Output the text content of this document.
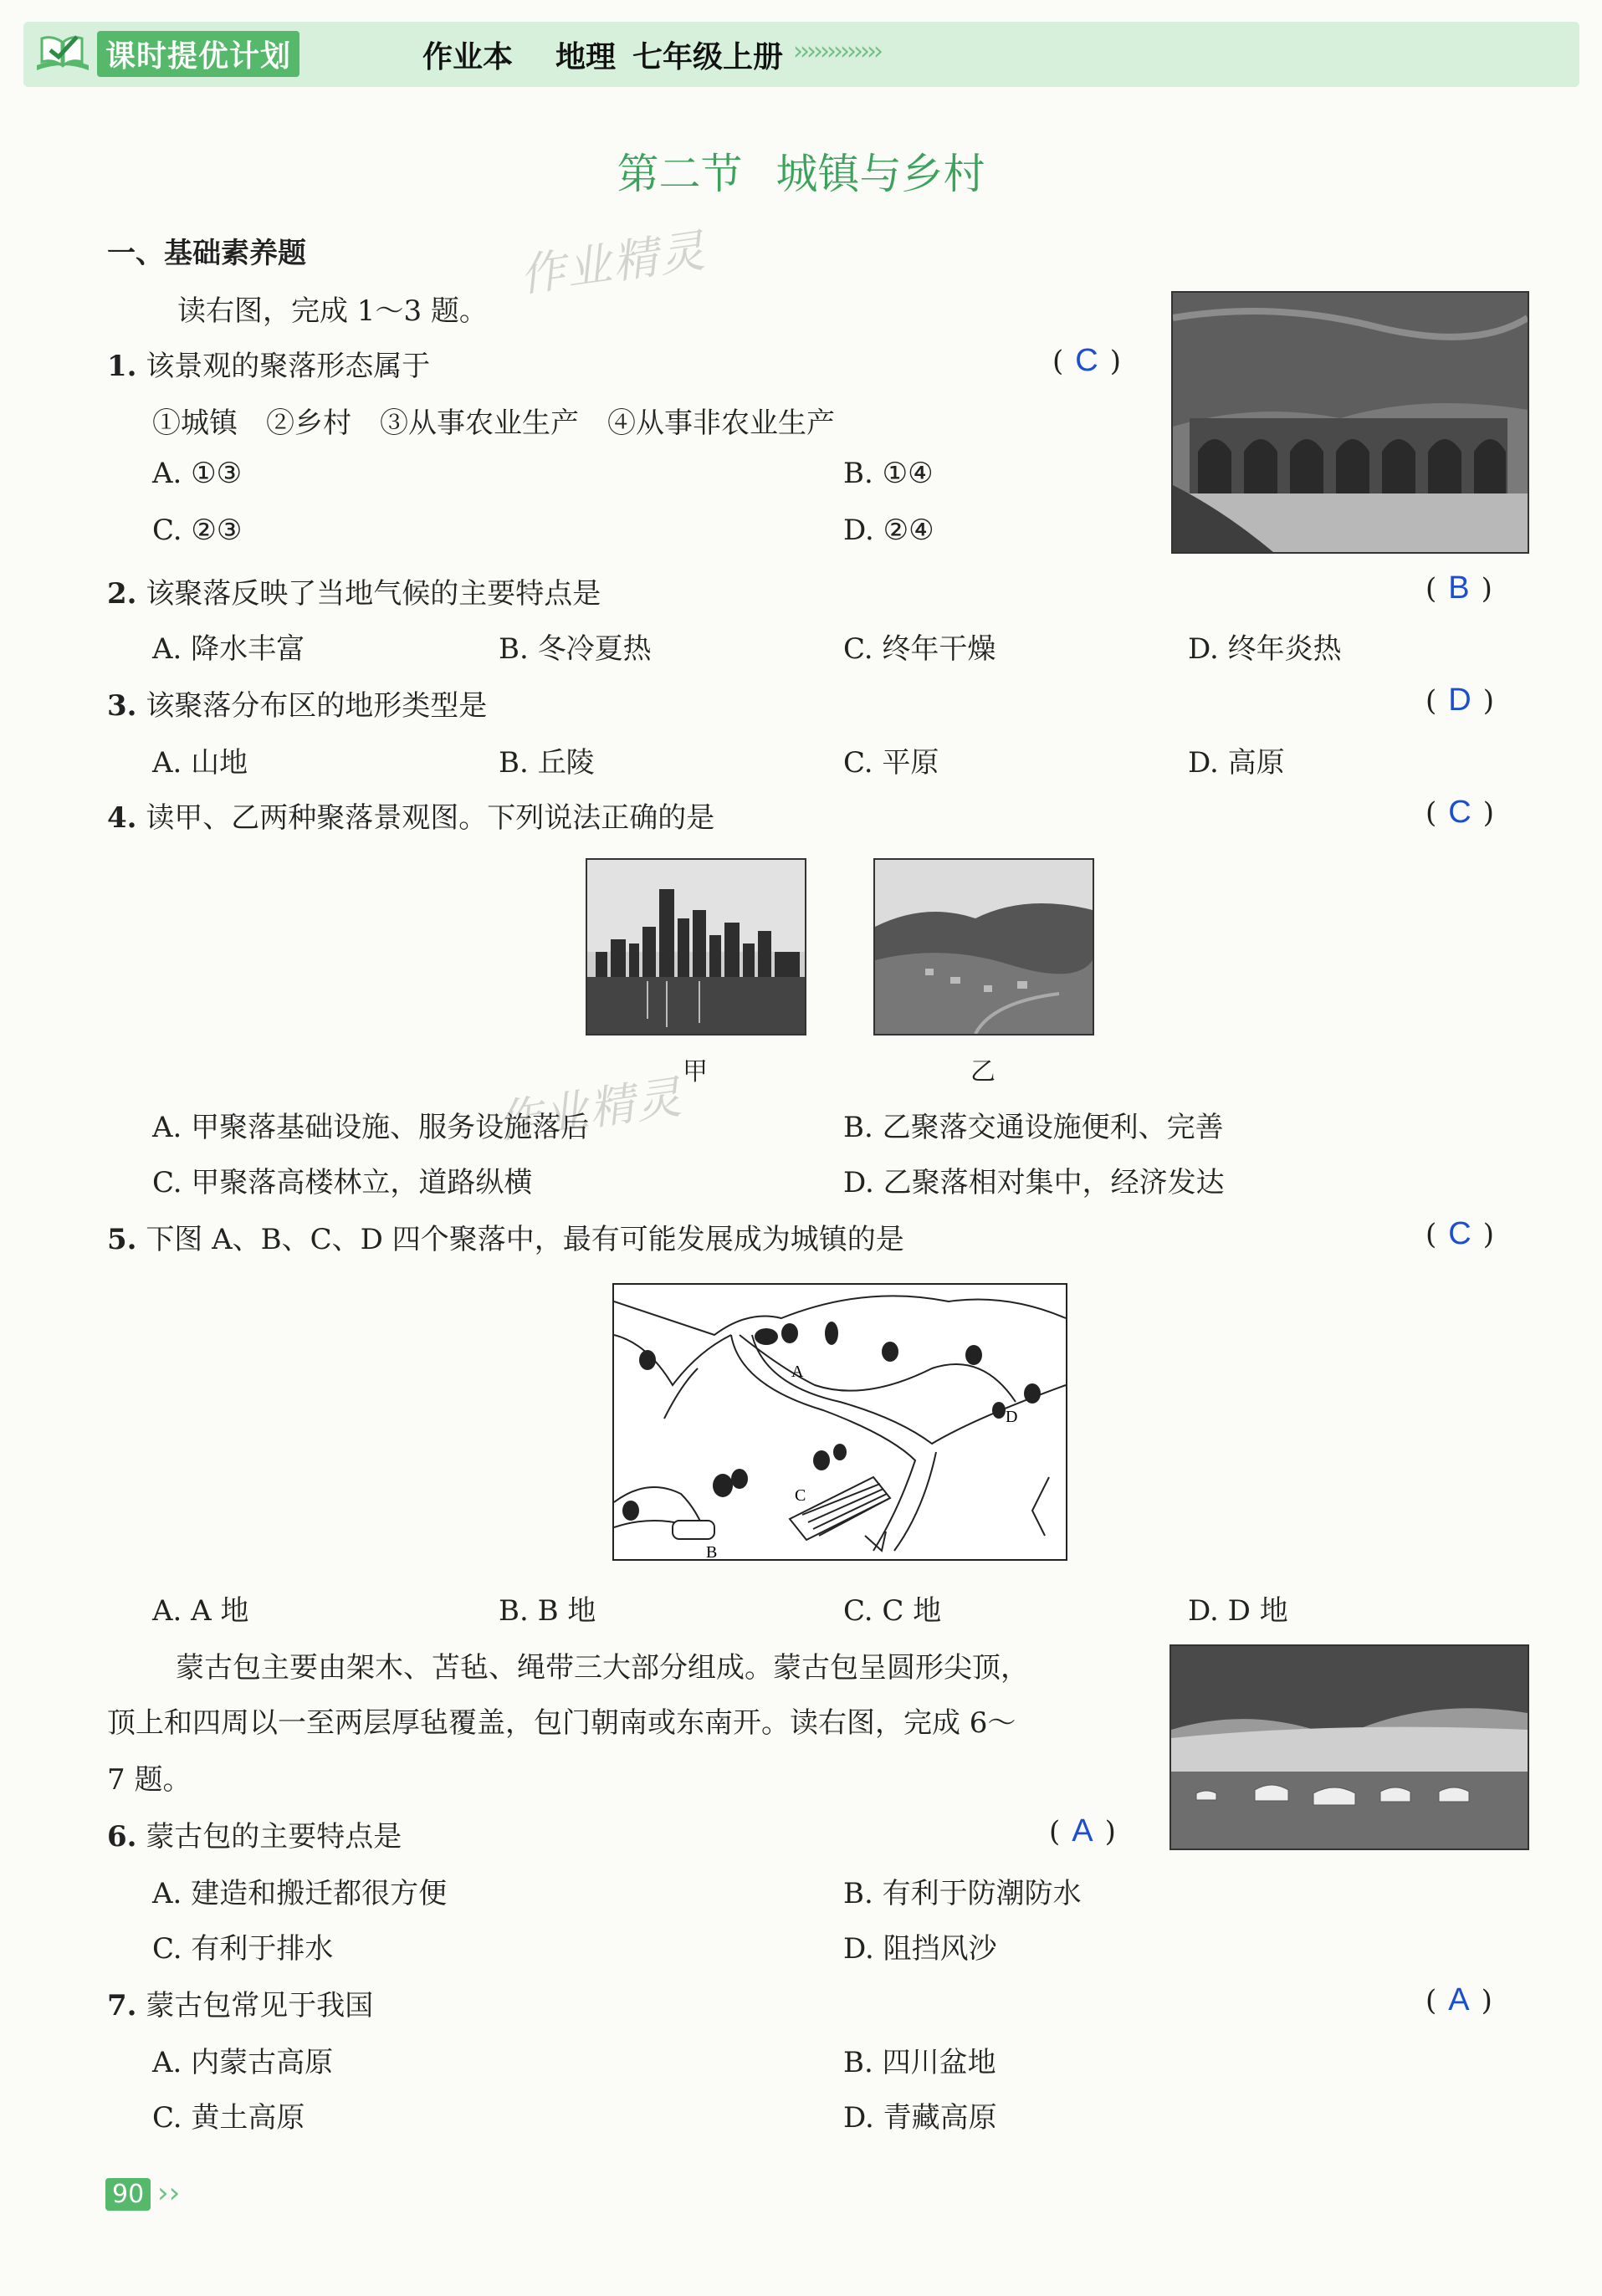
课时提优计划	作业本 地理 七年级上册 ›››››››››››››
第二节 城镇与乡村
一、基础素养题	作业精灵
作业精灵
读右图，完成 1～3 题。
1. 该景观的聚落形态属于	( C )
①城镇　②乡村　③从事农业生产　④从事非农业生产
A. ①③	B. ①④
C. ②③	D. ②④
2. 该聚落反映了当地气候的主要特点是	( B )
A. 降水丰富	B. 冬冷夏热	C. 终年干燥	D. 终年炎热
3. 该聚落分布区的地形类型是	( D )
A. 山地	B. 丘陵	C. 平原	D. 高原
4. 读甲、乙两种聚落景观图。下列说法正确的是	( C )
甲	乙
A. 甲聚落基础设施、服务设施落后	B. 乙聚落交通设施便利、完善
C. 甲聚落高楼林立，道路纵横	D. 乙聚落相对集中，经济发达
5. 下图 A、B、C、D 四个聚落中，最有可能发展成为城镇的是	( C )
A
B
C
D
A. A 地	B. B 地	C. C 地	D. D 地
蒙古包主要由架木、苫毡、绳带三大部分组成。蒙古包呈圆形尖顶，
顶上和四周以一至两层厚毡覆盖，包门朝南或东南开。读右图，完成 6～
7 题。
6. 蒙古包的主要特点是	( A )
A. 建造和搬迁都很方便	B. 有利于防潮防水
C. 有利于排水	D. 阻挡风沙
7. 蒙古包常见于我国	( A )
A. 内蒙古高原	B. 四川盆地
C. 黄土高原	D. 青藏高原
90 ››
